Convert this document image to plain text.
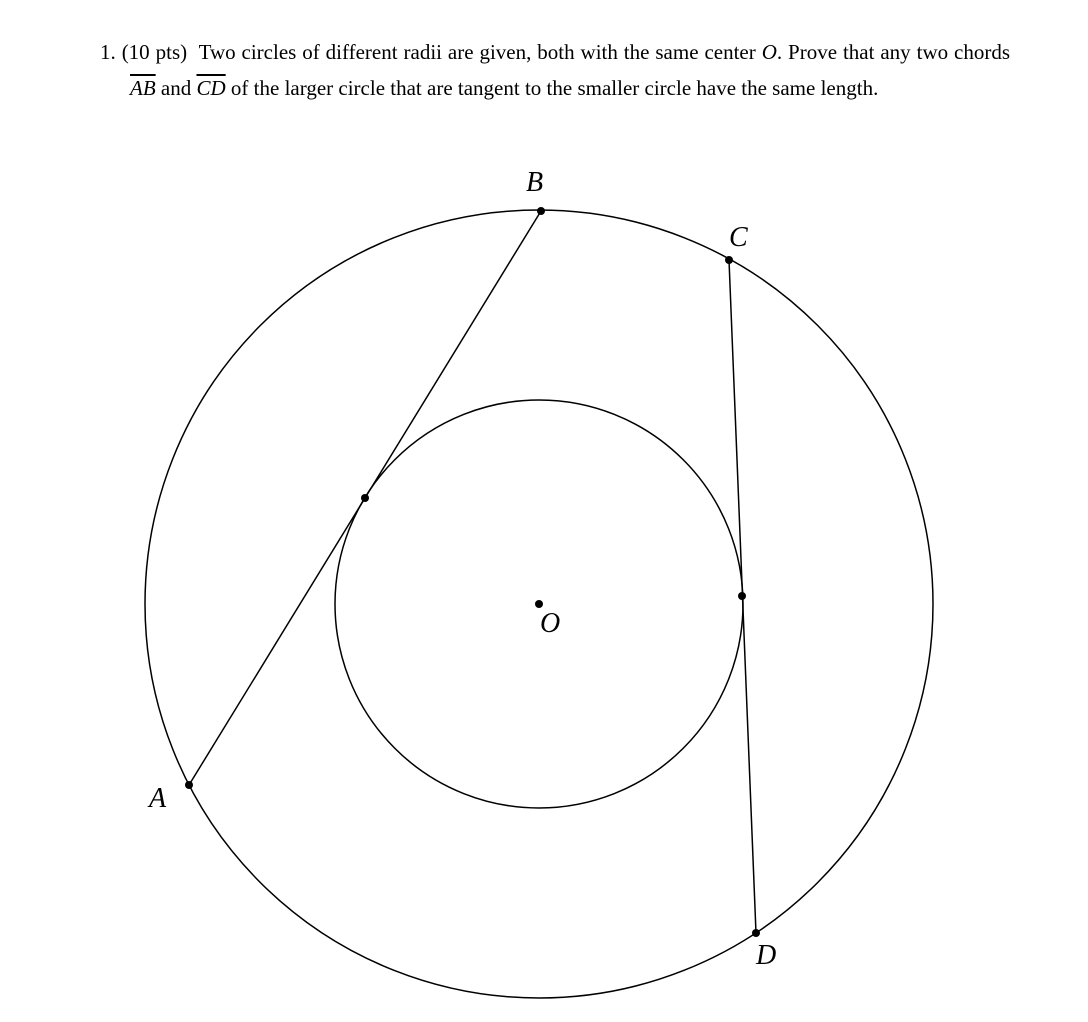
1. (10 pts) Two circles of different radii are given, both with the same center O. Prove that any two chords $\overline{AB}$ and $\overline{CD}$ of the larger circle that are tangent to the smaller circle have the same length.

A
B
C
D
O
